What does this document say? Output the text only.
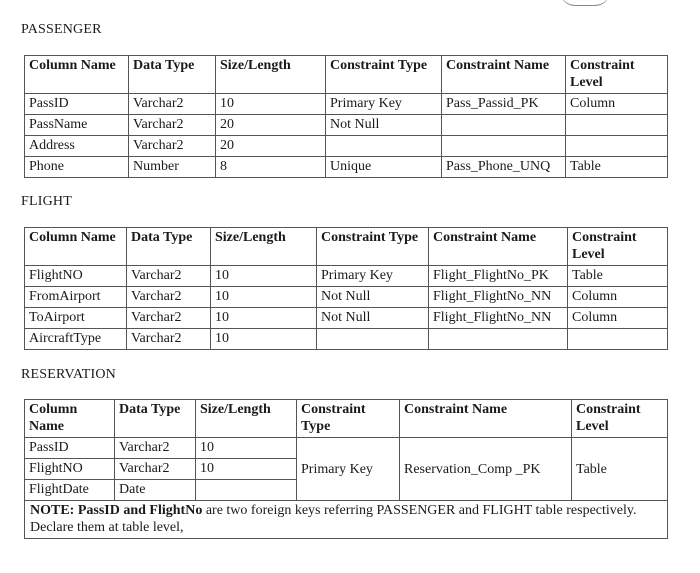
PASSENGER
Column Name	Data Type	Size/Length	Constraint Type	Constraint Name	Constraint Level
PassID	Varchar2	10	Primary Key	Pass_Passid_PK	Column
PassName	Varchar2	20	Not Null		
Address	Varchar2	20			
Phone	Number	8	Unique	Pass_Phone_UNQ	Table
FLIGHT
Column Name	Data Type	Size/Length	Constraint Type	Constraint Name	Constraint Level
FlightNO	Varchar2	10	Primary Key	Flight_FlightNo_PK	Table
FromAirport	Varchar2	10	Not Null	Flight_FlightNo_NN	Column
ToAirport	Varchar2	10	Not Null	Flight_FlightNo_NN	Column
AircraftType	Varchar2	10			
RESERVATION
Column Name	Data Type	Size/Length	Constraint Type	Constraint Name	Constraint Level
PassID	Varchar2	10	Primary Key	Reservation_Comp _PK	Table
FlightNO	Varchar2	10			
FlightDate	Date				
NOTE: PassID and FlightNo are two foreign keys referring PASSENGER and FLIGHT table respectively. Declare them at table level,					
